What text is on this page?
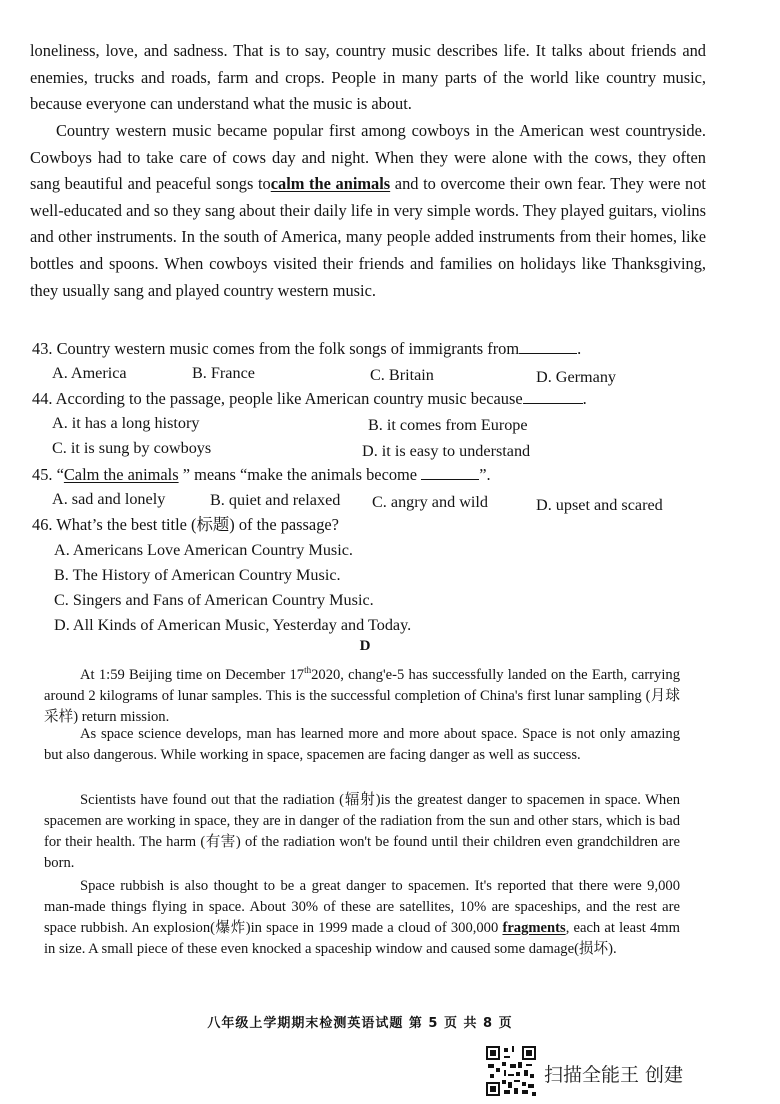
loneliness, love, and sadness. That is to say, country music describes life. It talks about friends and enemies, trucks and roads, farm and crops. People in many parts of the world like country music, because everyone can understand what the music is about.

Country western music became popular first among cowboys in the American west countryside. Cowboys had to take care of cows day and night. When they were alone with the cows, they often sang beautiful and peaceful songs tocalm the animals and to overcome their own fear. They were not well-educated and so they sang about their daily life in very simple words. They played guitars, violins and other instruments. In the south of America, many people added instruments from their homes, like bottles and spoons. When cowboys visited their friends and families on holidays like Thanksgiving, they usually sang and played country western music.

43. Country western music comes from the folk songs of immigrants from	.
A. America	B. France	C. Britain	D. Germany
44. According to the passage, people like American country music because	.
A. it has a long history	B. it comes from Europe
C. it is sung by cowboys	D. it is easy to understand
45. “Calm the animals ” means “make the animals become	”.
A. sad and lonely	B. quiet and relaxed C. angry and wild	D. upset and scared
46. What’s the best title (标题) of the passage?
A. Americans Love American Country Music.
B. The History of American Country Music.
C. Singers and Fans of American Country Music.
D. All Kinds of American Music, Yesterday and Today.
D

At 1:59 Beijing time on December 17th2020, chang'e-5 has successfully landed on the Earth, carrying around 2 kilograms of lunar samples. This is the successful completion of China's first lunar sampling (月球采样) return mission.

As space science develops, man has learned more and more about space. Space is not only amazing but also dangerous. While working in space, spacemen are facing danger as well as success.

Scientists have found out that the radiation (辐射)is the greatest danger to spacemen in space. When spacemen are working in space, they are in danger of the radiation from the sun and other stars, which is bad for their health. The harm (有害) of the radiation won't be found until their children even grandchildren are born.

Space rubbish is also thought to be a great danger to spacemen. It's reported that there were 9,000 man-made things flying in space. About 30% of these are satellites, 10% are spaceships, and the rest are space rubbish. An explosion(爆炸)in space in 1999 made a cloud of 300,000 fragments, each at least 4mm in size. A small piece of these even knocked a spaceship window and caused some damage(损坏).

八年级上学期期末检测英语试题 第 5 页 共 8 页
扫描全能王 创建
